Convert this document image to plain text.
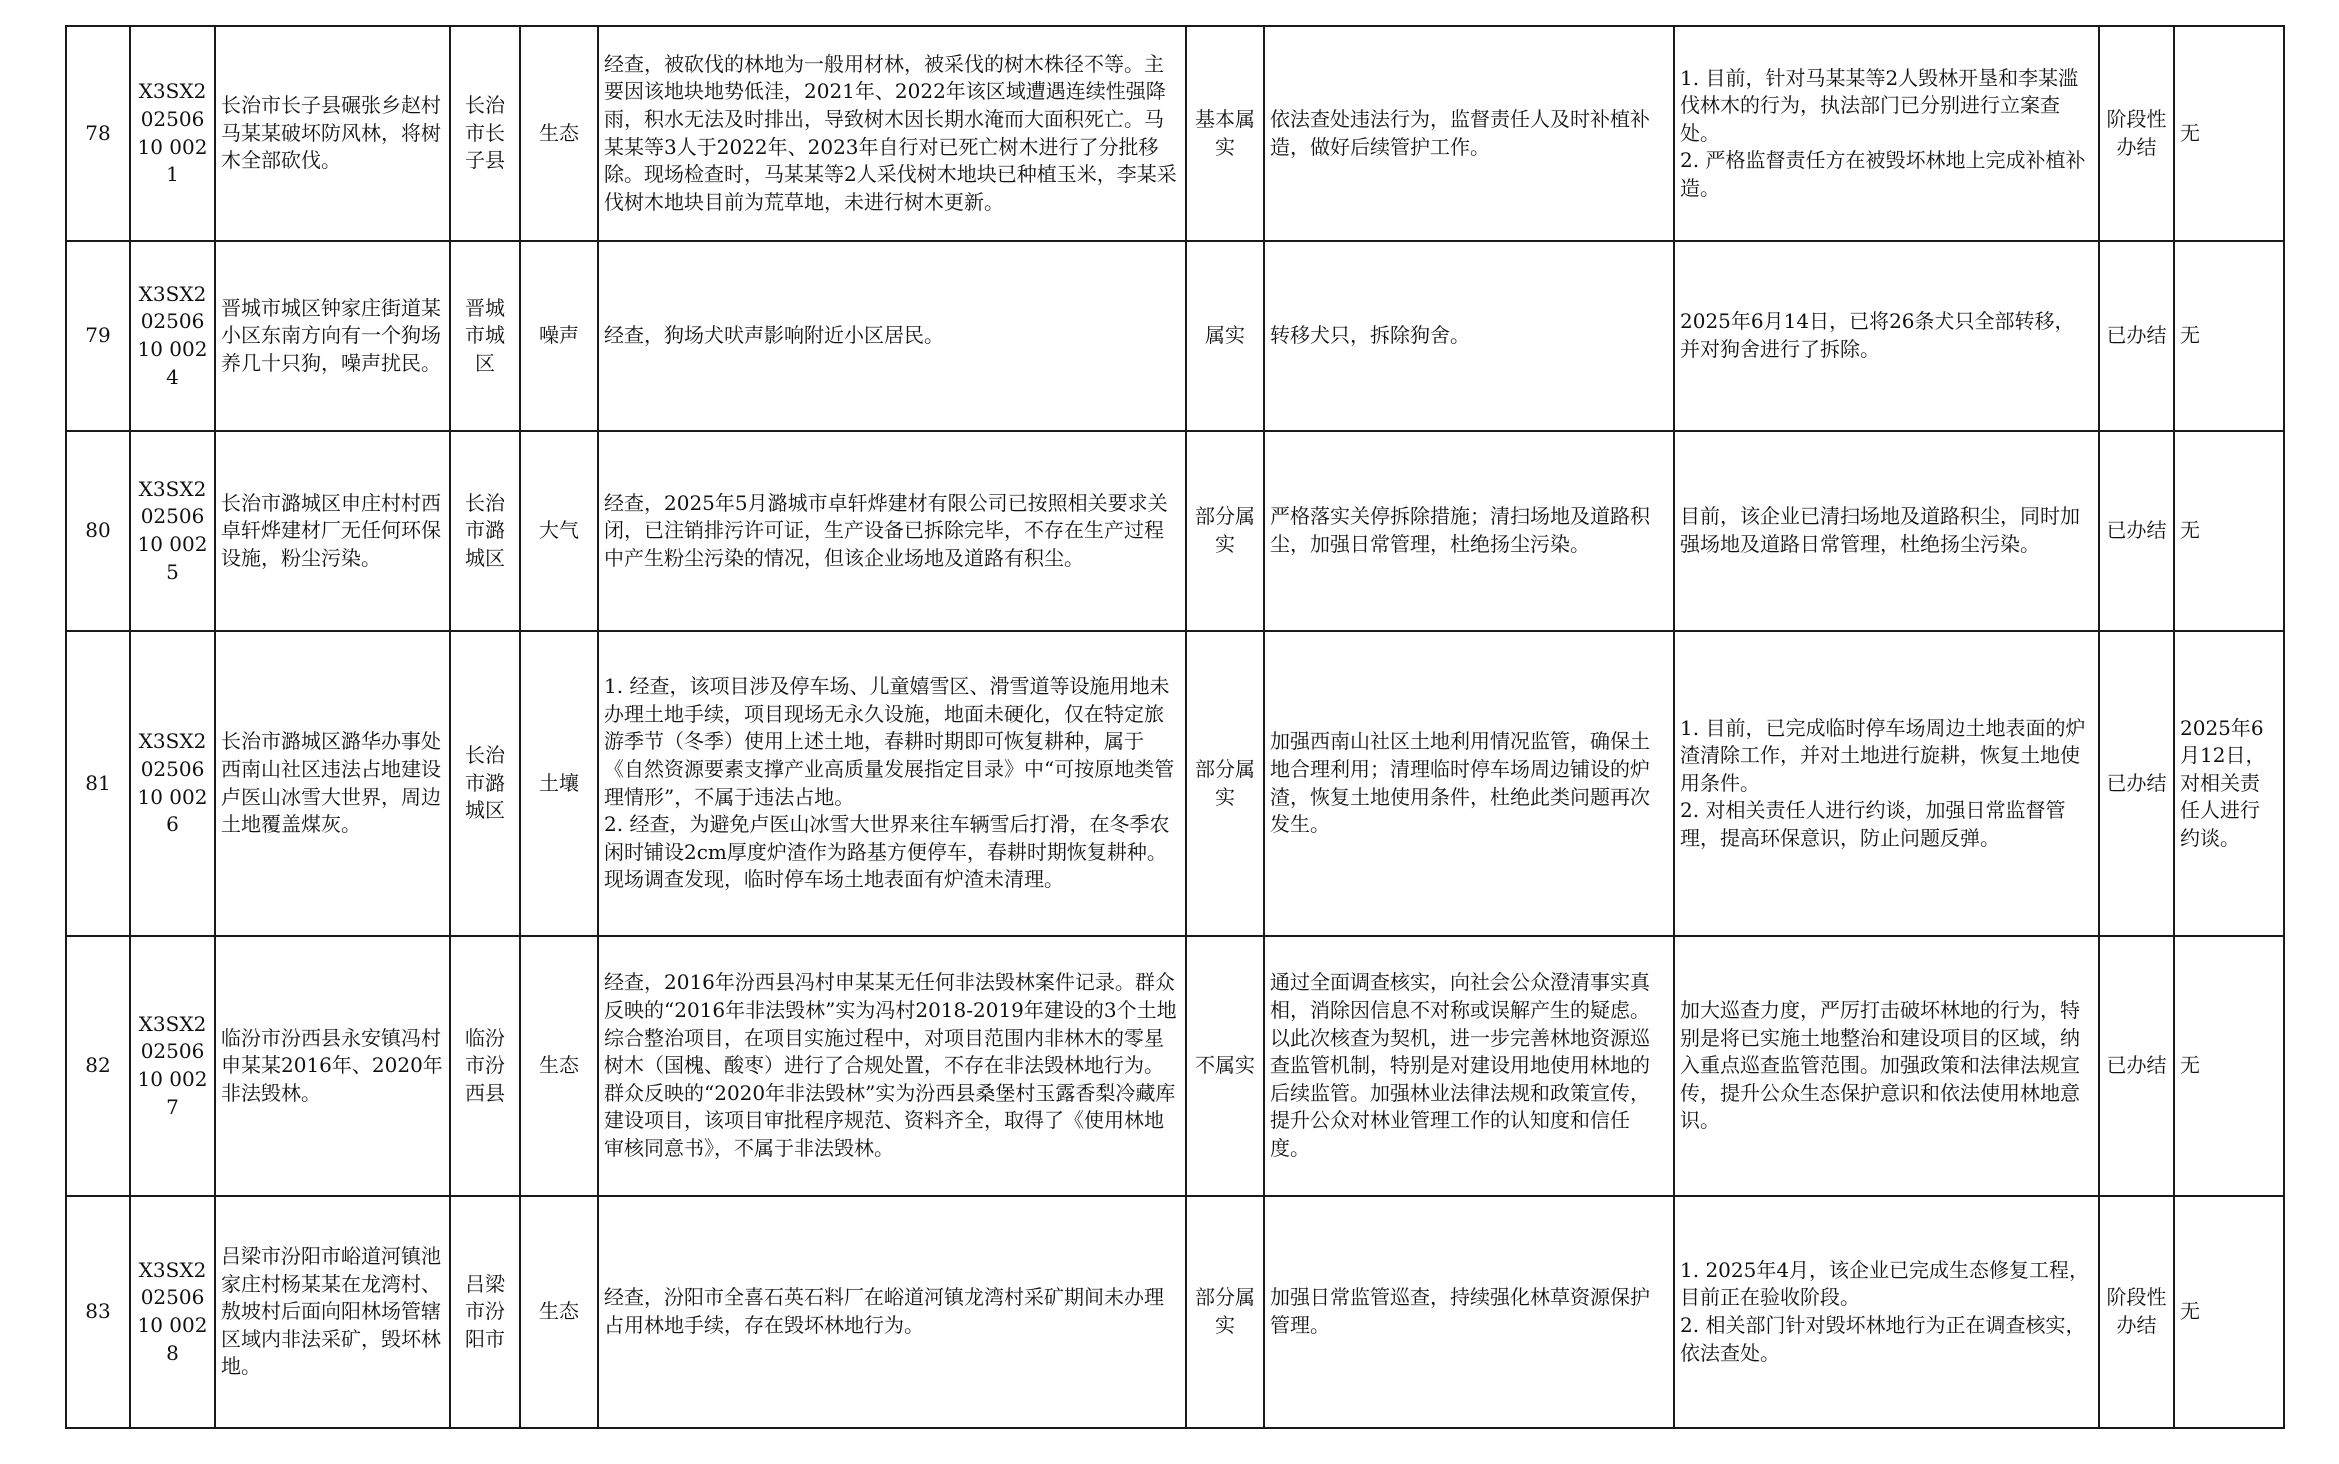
78	X3SX20250610 0021	长治市长子县碾张乡赵村马某某破坏防风林，将树木全部砍伐。	长治市长子县	生态	经查，被砍伐的林地为一般用材林，被采伐的树木株径不等。主要因该地块地势低洼，2021年、2022年该区域遭遇连续性强降雨，积水无法及时排出，导致树木因长期水淹而大面积死亡。马某某等3人于2022年、2023年自行对已死亡树木进行了分批移除。现场检查时，马某某等2人采伐树木地块已种植玉米，李某采伐树木地块目前为荒草地，未进行树木更新。	基本属实	依法查处违法行为，监督责任人及时补植补造，做好后续管护工作。	1. 目前，针对马某某等2人毁林开垦和李某滥伐林木的行为，执法部门已分别进行立案查处。
2. 严格监督责任方在被毁坏林地上完成补植补造。	阶段性办结	无
79	X3SX20250610 0024	晋城市城区钟家庄街道某小区东南方向有一个狗场养几十只狗，噪声扰民。	晋城市城区	噪声	经查，狗场犬吠声影响附近小区居民。	属实	转移犬只，拆除狗舍。	2025年6月14日，已将26条犬只全部转移，并对狗舍进行了拆除。	已办结	无
80	X3SX20250610 0025	长治市潞城区申庄村村西卓轩烨建材厂无任何环保设施，粉尘污染。	长治市潞城区	大气	经查，2025年5月潞城市卓轩烨建材有限公司已按照相关要求关闭，已注销排污许可证，生产设备已拆除完毕，不存在生产过程中产生粉尘污染的情况，但该企业场地及道路有积尘。	部分属实	严格落实关停拆除措施；清扫场地及道路积尘，加强日常管理，杜绝扬尘污染。	目前，该企业已清扫场地及道路积尘，同时加强场地及道路日常管理，杜绝扬尘污染。	已办结	无
81	X3SX20250610 0026	长治市潞城区潞华办事处西南山社区违法占地建设卢医山冰雪大世界，周边土地覆盖煤灰。	长治市潞城区	土壤	1. 经查，该项目涉及停车场、儿童嬉雪区、滑雪道等设施用地未办理土地手续，项目现场无永久设施，地面未硬化，仅在特定旅游季节（冬季）使用上述土地，春耕时期即可恢复耕种，属于《自然资源要素支撑产业高质量发展指定目录》中“可按原地类管理情形”，不属于违法占地。
2. 经查，为避免卢医山冰雪大世界来往车辆雪后打滑，在冬季农闲时铺设2cm厚度炉渣作为路基方便停车，春耕时期恢复耕种。现场调查发现，临时停车场土地表面有炉渣未清理。	部分属实	加强西南山社区土地利用情况监管，确保土地合理利用；清理临时停车场周边铺设的炉渣，恢复土地使用条件，杜绝此类问题再次发生。	1. 目前，已完成临时停车场周边土地表面的炉渣清除工作，并对土地进行旋耕，恢复土地使用条件。
2. 对相关责任人进行约谈，加强日常监督管理，提高环保意识，防止问题反弹。	已办结	2025年6月12日，对相关责任人进行约谈。
82	X3SX20250610 0027	临汾市汾西县永安镇冯村申某某2016年、2020年非法毁林。	临汾市汾西县	生态	经查，2016年汾西县冯村申某某无任何非法毁林案件记录。群众反映的“2016年非法毁林”实为冯村2018-2019年建设的3个土地综合整治项目，在项目实施过程中，对项目范围内非林木的零星树木（国槐、酸枣）进行了合规处置，不存在非法毁林地行为。群众反映的“2020年非法毁林”实为汾西县桑堡村玉露香梨冷藏库建设项目，该项目审批程序规范、资料齐全，取得了《使用林地审核同意书》，不属于非法毁林。	不属实	通过全面调查核实，向社会公众澄清事实真相，消除因信息不对称或误解产生的疑虑。以此次核查为契机，进一步完善林地资源巡查监管机制，特别是对建设用地使用林地的后续监管。加强林业法律法规和政策宣传，提升公众对林业管理工作的认知度和信任度。	加大巡查力度，严厉打击破坏林地的行为，特别是将已实施土地整治和建设项目的区域，纳入重点巡查监管范围。加强政策和法律法规宣传，提升公众生态保护意识和依法使用林地意识。	已办结	无
83	X3SX20250610 0028	吕梁市汾阳市峪道河镇池家庄村杨某某在龙湾村、敖坡村后面向阳林场管辖区域内非法采矿，毁坏林地。	吕梁市汾阳市	生态	经查，汾阳市全喜石英石料厂在峪道河镇龙湾村采矿期间未办理占用林地手续，存在毁坏林地行为。	部分属实	加强日常监管巡查，持续强化林草资源保护管理。	1. 2025年4月，该企业已完成生态修复工程，目前正在验收阶段。
2. 相关部门针对毁坏林地行为正在调查核实，依法查处。	阶段性办结	无
